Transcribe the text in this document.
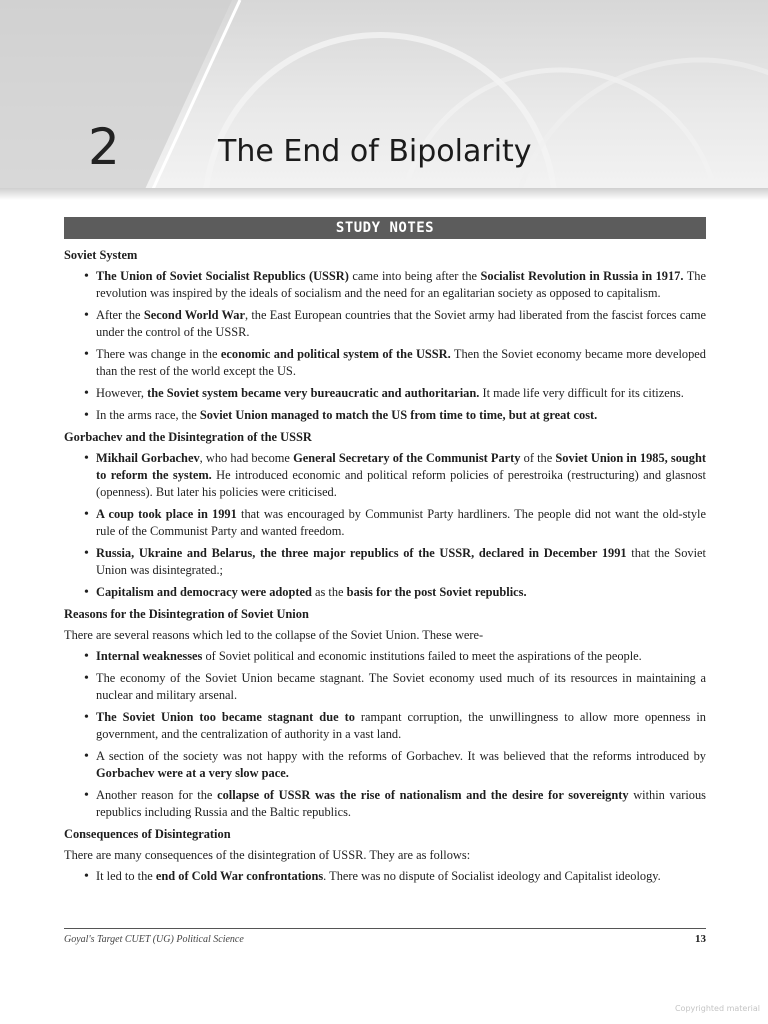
2	The End of Bipolarity
STUDY NOTES
Soviet System
• The Union of Soviet Socialist Republics (USSR) came into being after the Socialist Revolution in Russia in 1917. The revolution was inspired by the ideals of socialism and the need for an egalitarian society as opposed to capitalism.
• After the Second World War, the East European countries that the Soviet army had liberated from the fascist forces came under the control of the USSR.
• There was change in the economic and political system of the USSR. Then the Soviet economy became more developed than the rest of the world except the US.
• However, the Soviet system became very bureaucratic and authoritarian. It made life very difficult for its citizens.
• In the arms race, the Soviet Union managed to match the US from time to time, but at great cost.
Gorbachev and the Disintegration of the USSR
• Mikhail Gorbachev, who had become General Secretary of the Communist Party of the Soviet Union in 1985, sought to reform the system. He introduced economic and political reform policies of perestroika (restructuring) and glasnost (openness). But later his policies were criticised.
• A coup took place in 1991 that was encouraged by Communist Party hardliners. The people did not want the old-style rule of the Communist Party and wanted freedom.
• Russia, Ukraine and Belarus, the three major republics of the USSR, declared in December 1991 that the Soviet Union was disintegrated.;
• Capitalism and democracy were adopted as the basis for the post Soviet republics.
Reasons for the Disintegration of Soviet Union
There are several reasons which led to the collapse of the Soviet Union. These were-
• Internal weaknesses of Soviet political and economic institutions failed to meet the aspirations of the people.
• The economy of the Soviet Union became stagnant. The Soviet economy used much of its resources in maintaining a nuclear and military arsenal.
• The Soviet Union too became stagnant due to rampant corruption, the unwillingness to allow more openness in government, and the centralization of authority in a vast land.
• A section of the society was not happy with the reforms of Gorbachev. It was believed that the reforms introduced by Gorbachev were at a very slow pace.
• Another reason for the collapse of USSR was the rise of nationalism and the desire for sovereignty within various republics including Russia and the Baltic republics.
Consequences of Disintegration
There are many consequences of the disintegration of USSR. They are as follows:
• It led to the end of Cold War confrontations. There was no dispute of Socialist ideology and Capitalist ideology.
Goyal's Target CUET (UG) Political Science	13
Copyrighted material
